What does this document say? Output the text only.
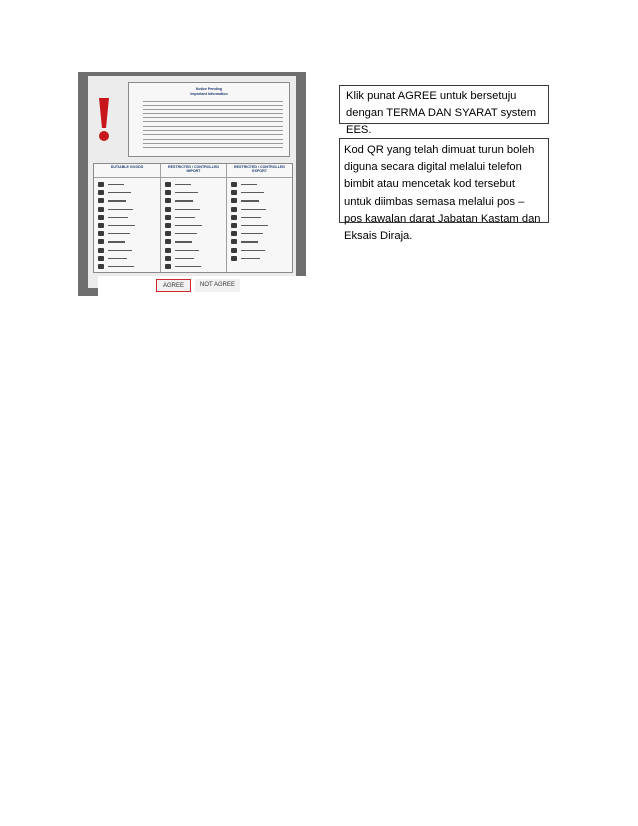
Notice Pending
Important Information
DUTIABLE GOODS	RESTRICTED / CONTROLLED IMPORT
RESTRICTED / CONTROLLED EXPORT
AGREE	NOT AGREE
Klik punat AGREE untuk bersetuju dengan TERMA DAN SYARAT system EES.
Kod QR yang telah dimuat turun boleh diguna secara digital melalui telefon bimbit atau mencetak kod tersebut untuk diimbas semasa melalui pos – pos kawalan darat Jabatan Kastam dan Eksais Diraja.
